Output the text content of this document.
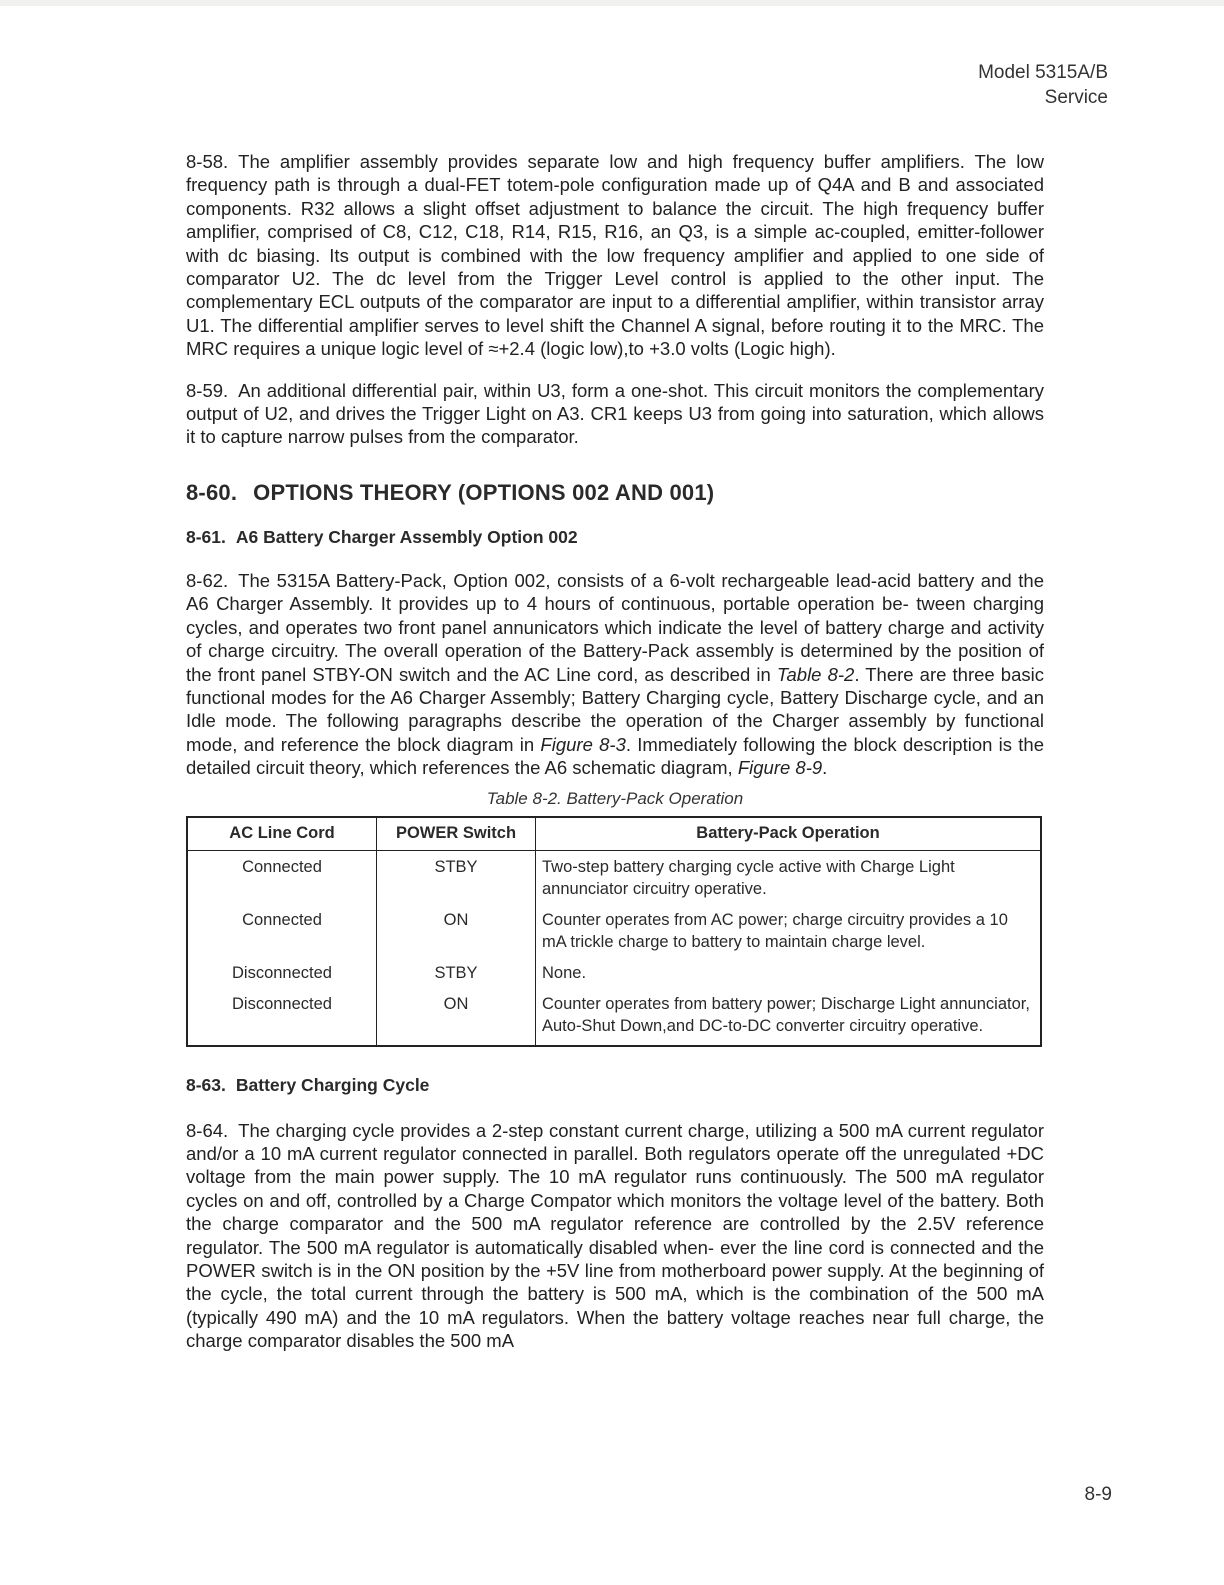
Model 5315A/B
Service

8-58. The amplifier assembly provides separate low and high frequency buffer amplifiers. The low frequency path is through a dual-FET totem-pole configuration made up of Q4A and B and associated components. R32 allows a slight offset adjustment to balance the circuit. The high frequency buffer amplifier, comprised of C8, C12, C18, R14, R15, R16, an Q3, is a simple ac-coupled, emitter-follower with dc biasing. Its output is combined with the low frequency amplifier and applied to one side of comparator U2. The dc level from the Trigger Level control is applied to the other input. The complementary ECL outputs of the comparator are input to a differential amplifier, within transistor array U1. The differential amplifier serves to level shift the Channel A signal, before routing it to the MRC. The MRC requires a unique logic level of ≈+2.4 (logic low),to +3.0 volts (Logic high).

8-59. An additional differential pair, within U3, form a one-shot. This circuit monitors the complementary output of U2, and drives the Trigger Light on A3. CR1 keeps U3 from going into saturation, which allows it to capture narrow pulses from the comparator.

8-60. OPTIONS THEORY (OPTIONS 002 AND 001)
8-61. A6 Battery Charger Assembly Option 002

8-62. The 5315A Battery-Pack, Option 002, consists of a 6-volt rechargeable lead-acid battery and the A6 Charger Assembly. It provides up to 4 hours of continuous, portable operation be- tween charging cycles, and operates two front panel annunicators which indicate the level of battery charge and activity of charge circuitry. The overall operation of the Battery-Pack assembly is determined by the position of the front panel STBY-ON switch and the AC Line cord, as described in Table 8-2. There are three basic functional modes for the A6 Charger Assembly; Battery Charging cycle, Battery Discharge cycle, and an Idle mode. The following paragraphs describe the operation of the Charger assembly by functional mode, and reference the block diagram in Figure 8-3. Immediately following the block description is the detailed circuit theory, which references the A6 schematic diagram, Figure 8-9.

Table 8-2. Battery-Pack Operation
AC Line Cord	POWER Switch	Battery-Pack Operation
Connected	STBY	Two-step battery charging cycle active with Charge Light annunciator circuitry operative.
Connected	ON	Counter operates from AC power; charge circuitry provides a 10 mA trickle charge to battery to maintain charge level.
Disconnected	STBY	None.
Disconnected	ON	Counter operates from battery power; Discharge Light annunciator, Auto-Shut Down,and DC-to-DC converter circuitry operative.
8-63. Battery Charging Cycle

8-64. The charging cycle provides a 2-step constant current charge, utilizing a 500 mA current regulator and/or a 10 mA current regulator connected in parallel. Both regulators operate off the unregulated +DC voltage from the main power supply. The 10 mA regulator runs continuously. The 500 mA regulator cycles on and off, controlled by a Charge Compator which monitors the voltage level of the battery. Both the charge comparator and the 500 mA regulator reference are controlled by the 2.5V reference regulator. The 500 mA regulator is automatically disabled when- ever the line cord is connected and the POWER switch is in the ON position by the +5V line from motherboard power supply. At the beginning of the cycle, the total current through the battery is 500 mA, which is the combination of the 500 mA (typically 490 mA) and the 10 mA regulators. When the battery voltage reaches near full charge, the charge comparator disables the 500 mA

8-9
